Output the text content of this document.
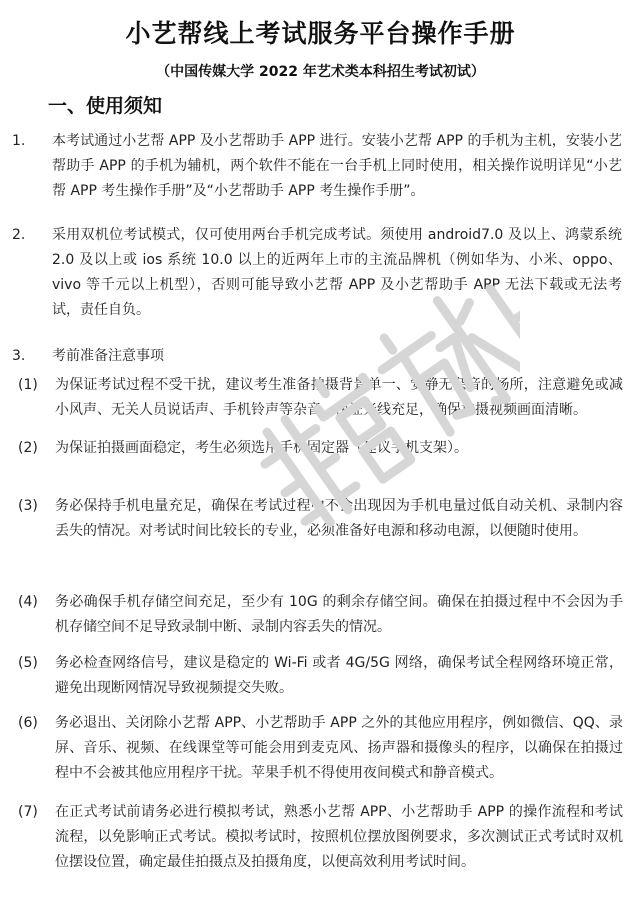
小艺帮线上考试服务平台操作手册
（中国传媒大学 2022 年艺术类本科招生考试初试）
一、使用须知
1. 本考试通过小艺帮 APP 及小艺帮助手 APP 进行。安装小艺帮 APP 的手机为主机，安装小艺帮助手 APP 的手机为辅机，两个软件不能在一台手机上同时使用，相关操作说明详见“小艺帮 APP 考生操作手册”及“小艺帮助手 APP 考生操作手册”。
2. 采用双机位考试模式，仅可使用两台手机完成考试。须使用 android7.0 及以上、鸿蒙系统 2.0 及以上或 ios 系统 10.0 以上的近两年上市的主流品牌机（例如华为、小米、oppo、vivo 等千元以上机型），否则可能导致小艺帮 APP 及小艺帮助手 APP 无法下载或无法考试，责任自负。
3. 考前准备注意事项
(1) 为保证考试过程不受干扰，建议考生准备拍摄背景单一、安静无杂音的场所，注意避免或减小风声、无关人员说话声、手机铃声等杂音，保证光线充足，确保拍摄视频画面清晰。
(2) 为保证拍摄画面稳定，考生必须选用手机固定器（建议手机支架）。
(3) 务必保持手机电量充足，确保在考试过程中不会出现因为手机电量过低自动关机、录制内容丢失的情况。对考试时间比较长的专业，必须准备好电源和移动电源，以便随时使用。
(4) 务必确保手机存储空间充足，至少有 10G 的剩余存储空间。确保在拍摄过程中不会因为手机存储空间不足导致录制中断、录制内容丢失的情况。
(5) 务必检查网络信号，建议是稳定的 Wi-Fi 或者 4G/5G 网络，确保考试全程网络环境正常，避免出现断网情况导致视频提交失败。
(6) 务必退出、关闭除小艺帮 APP、小艺帮助手 APP 之外的其他应用程序，例如微信、QQ、录屏、音乐、视频、在线课堂等可能会用到麦克风、扬声器和摄像头的程序，以确保在拍摄过程中不会被其他应用程序干扰。苹果手机不得使用夜间模式和静音模式。
(7) 在正式考试前请务必进行模拟考试，熟悉小艺帮 APP、小艺帮助手 APP 的操作流程和考试流程，以免影响正式考试。模拟考试时，按照机位摆放图例要求，多次测试正式考试时双机位摆设位置，确定最佳拍摄点及拍摄角度，以便高效利用考试时间。
